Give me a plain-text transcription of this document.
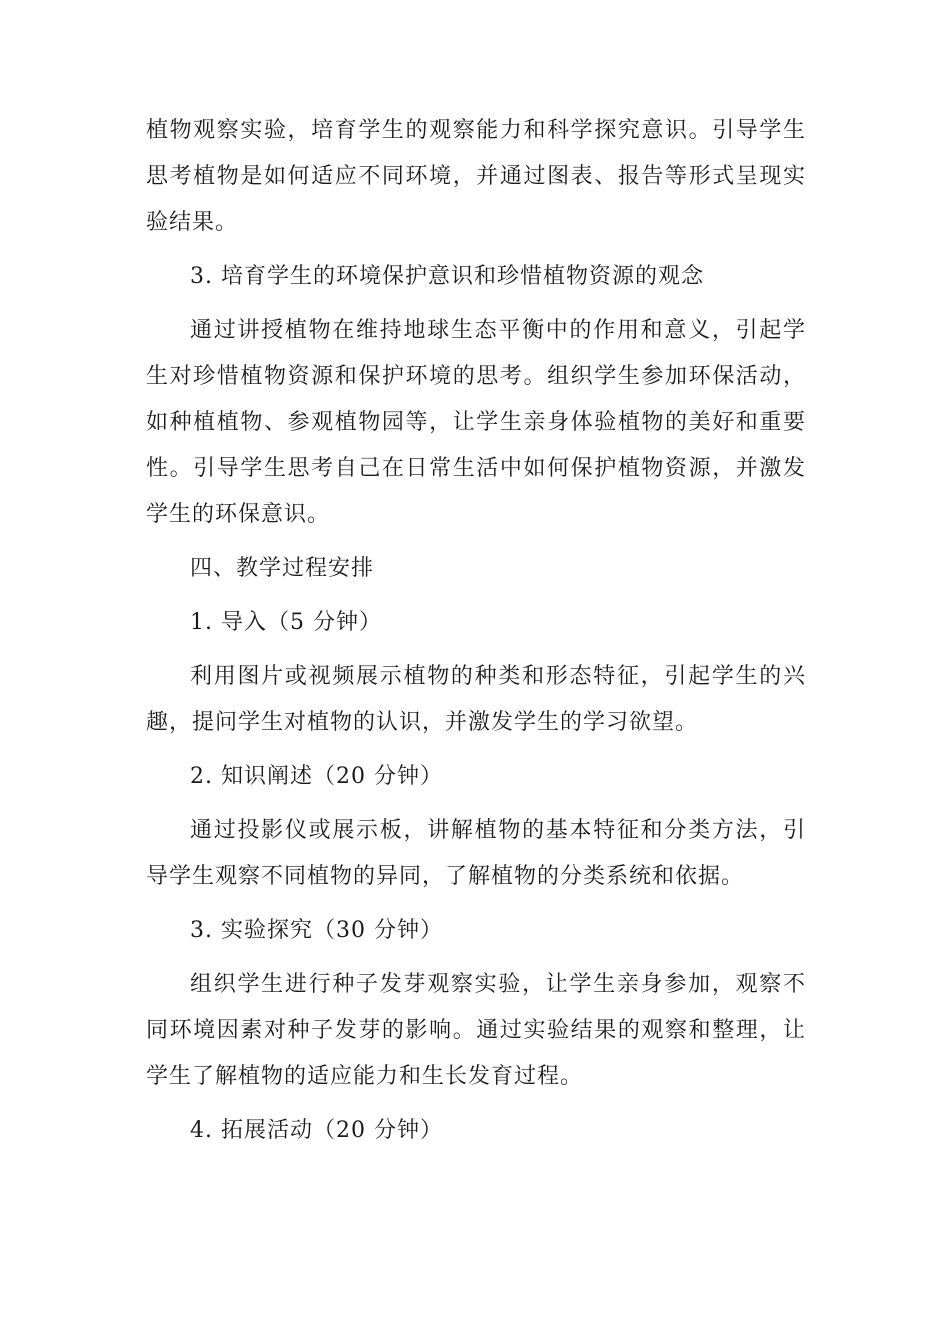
植物观察实验，培育学生的观察能力和科学探究意识。引导学生思考植物是如何适应不同环境，并通过图表、报告等形式呈现实验结果。

3. 培育学生的环境保护意识和珍惜植物资源的观念

通过讲授植物在维持地球生态平衡中的作用和意义，引起学生对珍惜植物资源和保护环境的思考。组织学生参加环保活动，如种植植物、参观植物园等，让学生亲身体验植物的美好和重要性。引导学生思考自己在日常生活中如何保护植物资源，并激发学生的环保意识。

四、教学过程安排

1. 导入（5 分钟）

利用图片或视频展示植物的种类和形态特征，引起学生的兴趣，提问学生对植物的认识，并激发学生的学习欲望。

2. 知识阐述（20 分钟）

通过投影仪或展示板，讲解植物的基本特征和分类方法，引导学生观察不同植物的异同，了解植物的分类系统和依据。

3. 实验探究（30 分钟）

组织学生进行种子发芽观察实验，让学生亲身参加，观察不同环境因素对种子发芽的影响。通过实验结果的观察和整理，让学生了解植物的适应能力和生长发育过程。

4. 拓展活动（20 分钟）
